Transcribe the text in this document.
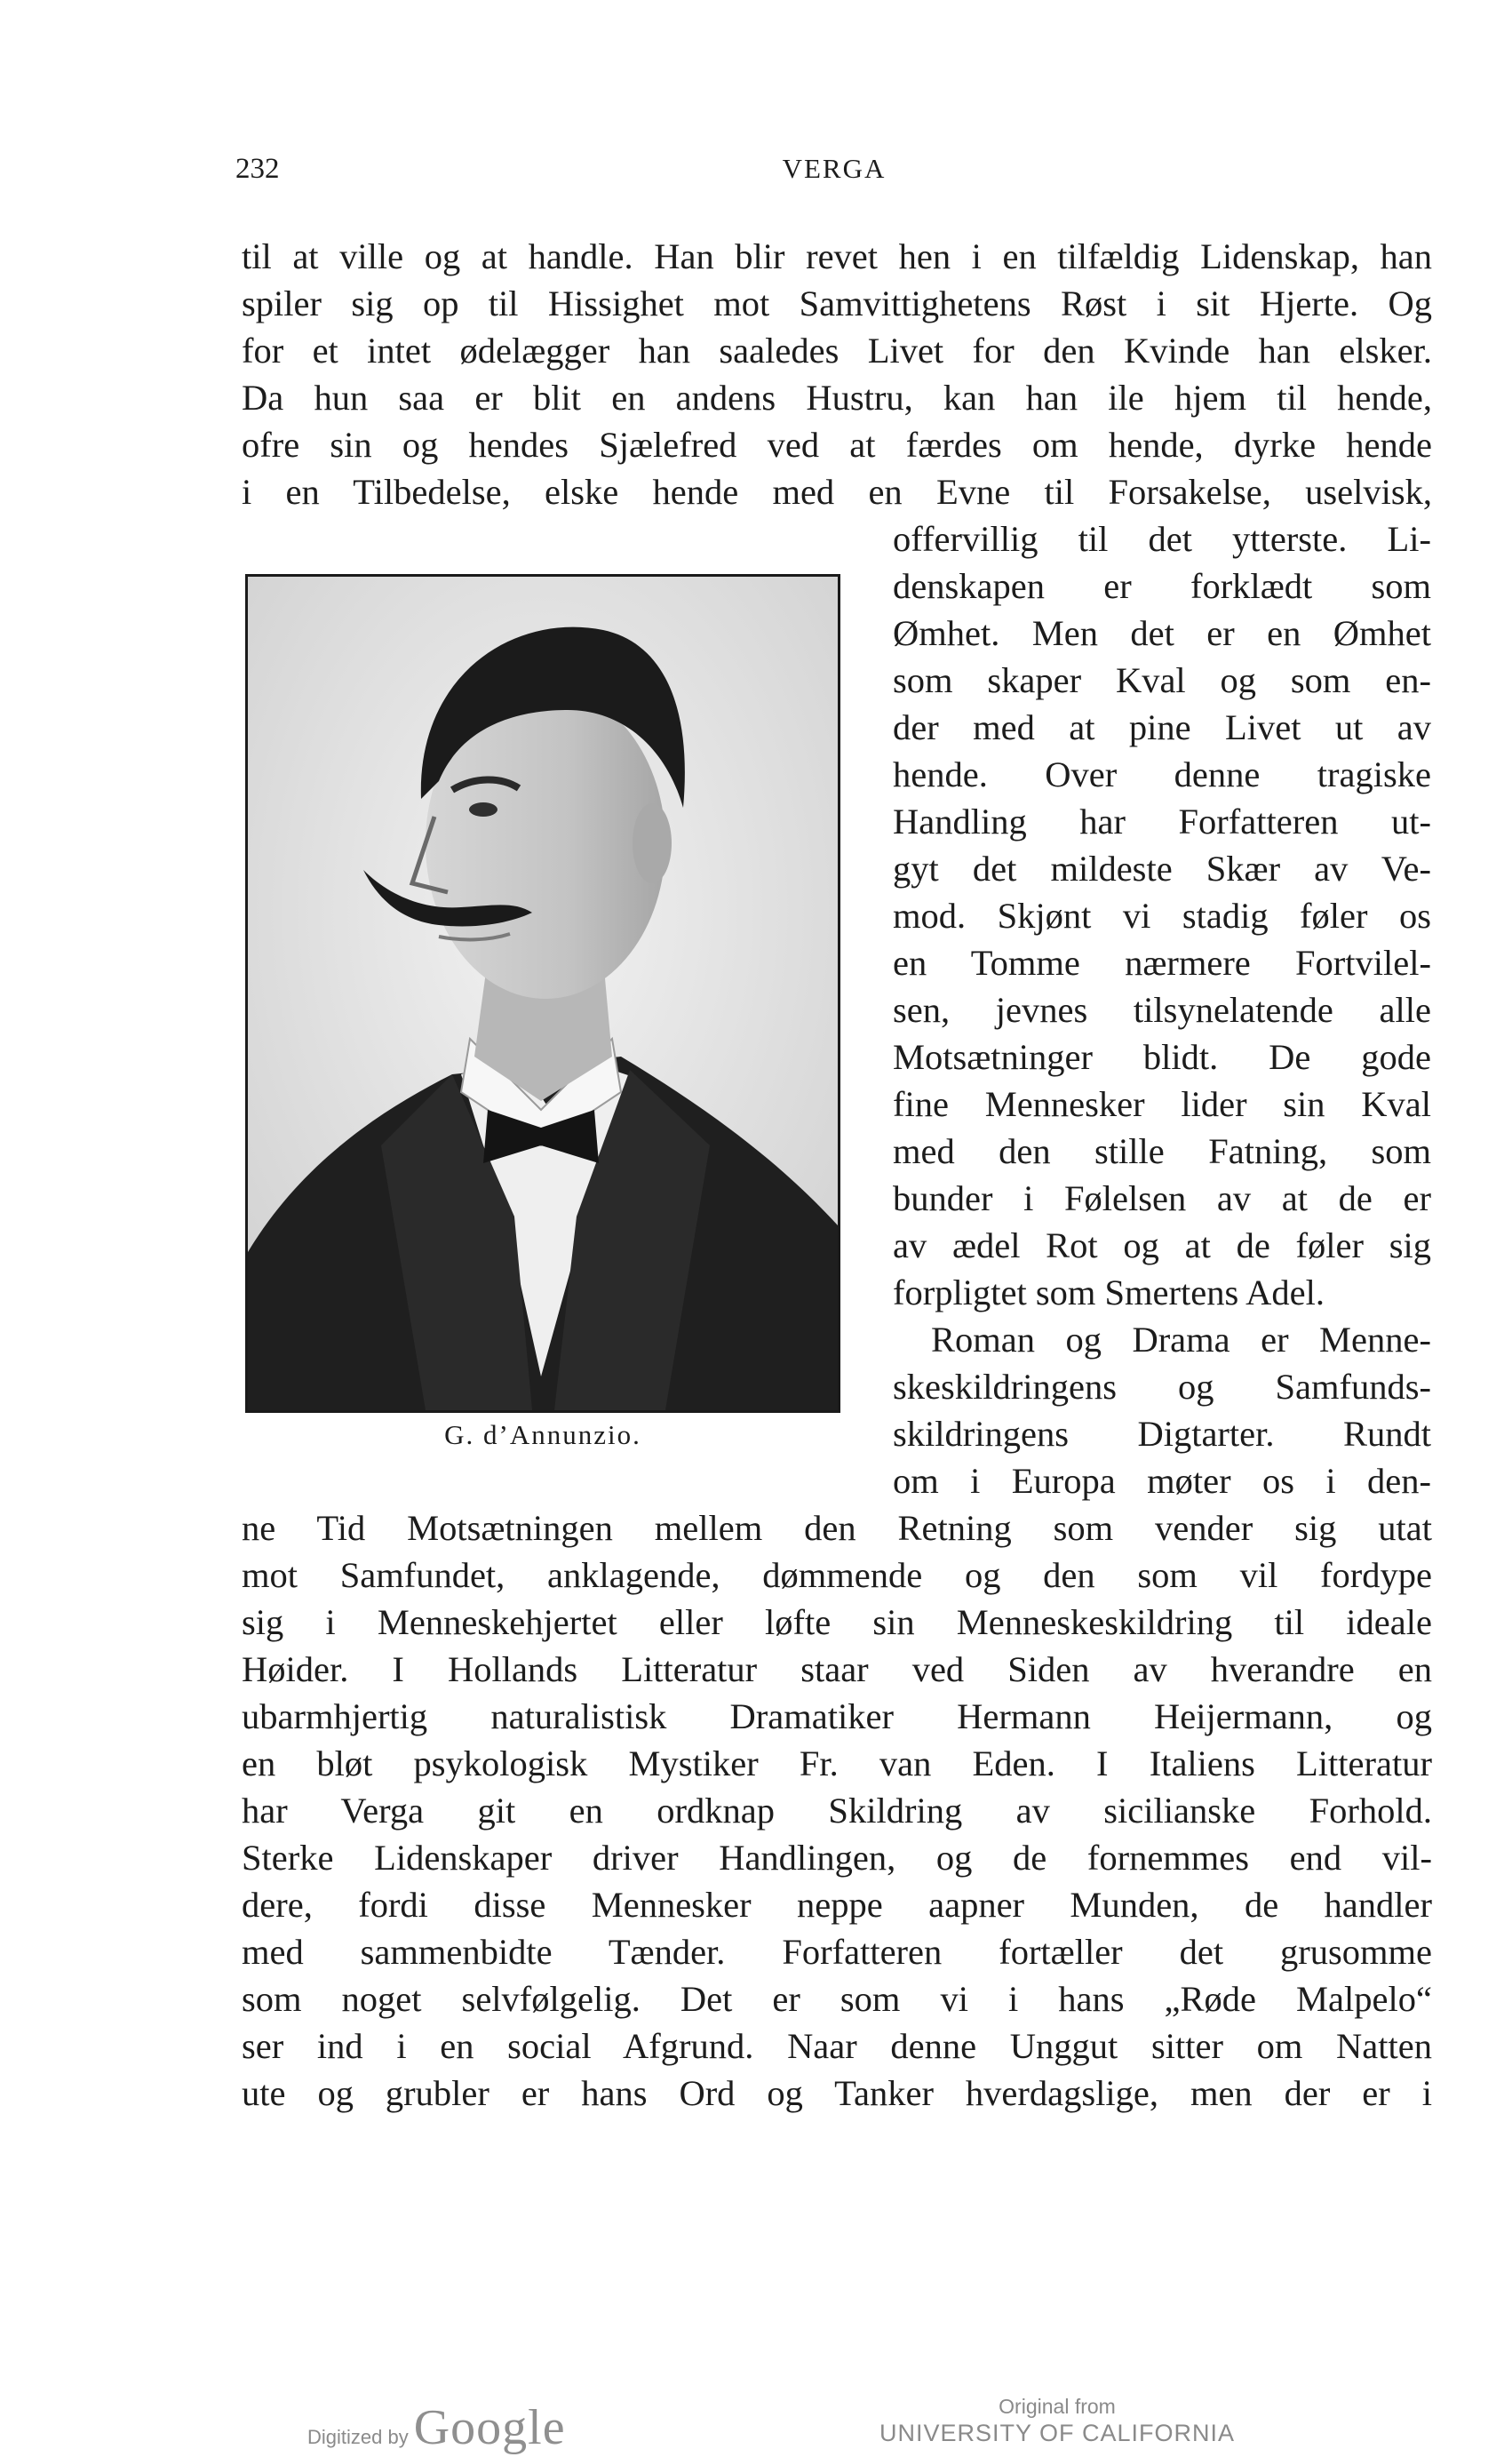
232	VERGA
til at ville og at handle. Han blir revet hen i en tilfældig Lidenskap, han
spiler sig op til Hissighet mot Samvittighetens Røst i sit Hjerte. Og
for et intet ødelægger han saaledes Livet for den Kvinde han elsker.
Da hun saa er blit en andens Hustru, kan han ile hjem til hende,
ofre sin og hendes Sjælefred ved at færdes om hende, dyrke hende
i en Tilbedelse, elske hende med en Evne til Forsakelse, uselvisk,
offervillig til det ytterste. Li-
denskapen er forklædt som
Ømhet. Men det er en Ømhet
som skaper Kval og som en-
der med at pine Livet ut av
hende. Over denne tragiske
Handling har Forfatteren ut-
gyt det mildeste Skær av Ve-
mod. Skjønt vi stadig føler os
en Tomme nærmere Fortvilel-
sen, jevnes tilsynelatende alle
Motsætninger blidt. De gode
fine Mennesker lider sin Kval
med den stille Fatning, som
bunder i Følelsen av at de er
av ædel Rot og at de føler sig
forpligtet som Smertens Adel.
Roman og Drama er Menne-
skeskildringens og Samfunds-
skildringens Digtarter. Rundt
om i Europa møter os i den-
G. d’Annunzio.
ne Tid Motsætningen mellem den Retning som vender sig utat
mot Samfundet, anklagende, dømmende og den som vil fordype
sig i Menneskehjertet eller løfte sin Menneskeskildring til ideale
Høider. I Hollands Litteratur staar ved Siden av hverandre en
ubarmhjertig naturalistisk Dramatiker Hermann Heijermann, og
en bløt psykologisk Mystiker Fr. van Eden. I Italiens Litteratur
har Verga git en ordknap Skildring av sicilianske Forhold.
Sterke Lidenskaper driver Handlingen, og de fornemmes end vil-
dere, fordi disse Mennesker neppe aapner Munden, de handler
med sammenbidte Tænder. Forfatteren fortæller det grusomme
som noget selvfølgelig. Det er som vi i hans „Røde Malpelo“
ser ind i en social Afgrund. Naar denne Unggut sitter om Natten
ute og grubler er hans Ord og Tanker hverdagslige, men der er i
Digitized by Google	Original from
UNIVERSITY OF CALIFORNIA
